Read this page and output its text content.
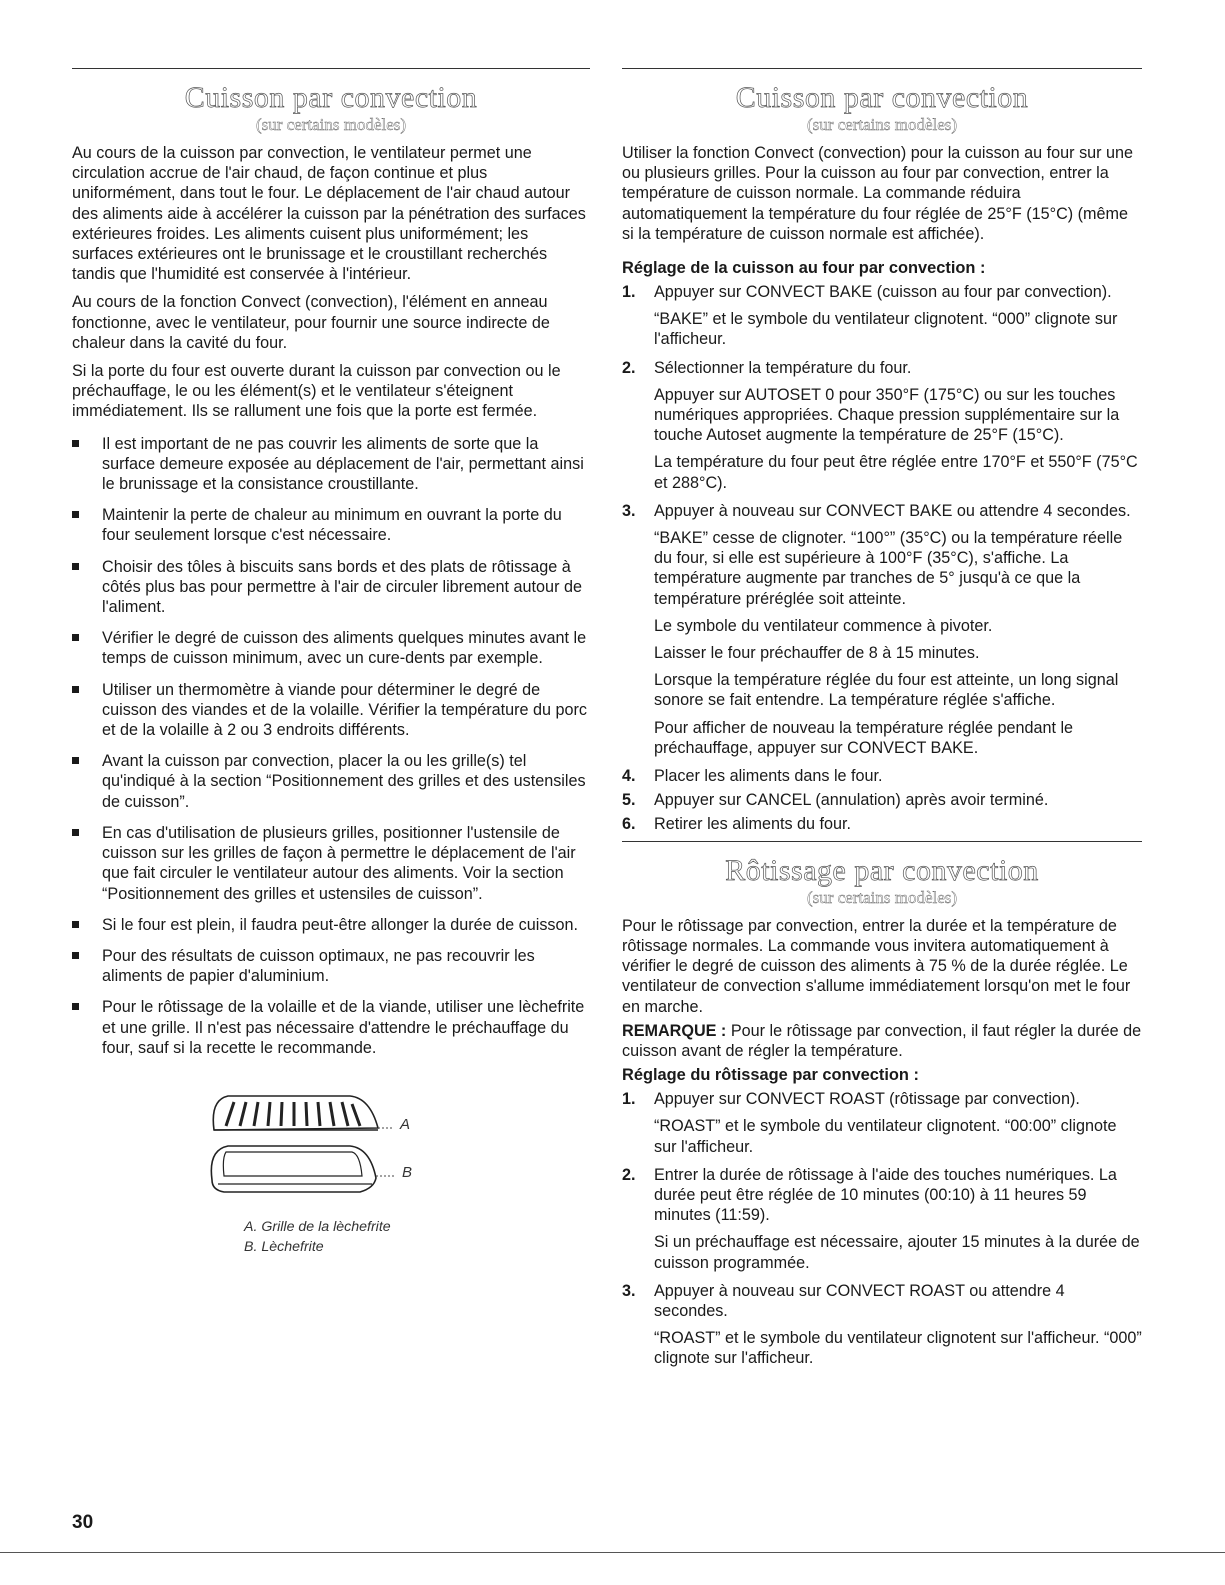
Cuisson par convection
(sur certains modèles)

Au cours de la cuisson par convection, le ventilateur permet une circulation accrue de l'air chaud, de façon continue et plus uniformément, dans tout le four. Le déplacement de l'air chaud autour des aliments aide à accélérer la cuisson par la pénétration des surfaces extérieures froides. Les aliments cuisent plus uniformément; les surfaces extérieures ont le brunissage et le croustillant recherchés tandis que l'humidité est conservée à l'intérieur.

Au cours de la fonction Convect (convection), l'élément en anneau fonctionne, avec le ventilateur, pour fournir une source indirecte de chaleur dans la cavité du four.

Si la porte du four est ouverte durant la cuisson par convection ou le préchauffage, le ou les élément(s) et le ventilateur s'éteignent immédiatement. Ils se rallument une fois que la porte est fermée.

Il est important de ne pas couvrir les aliments de sorte que la surface demeure exposée au déplacement de l'air, permettant ainsi le brunissage et la consistance croustillante.
Maintenir la perte de chaleur au minimum en ouvrant la porte du four seulement lorsque c'est nécessaire.
Choisir des tôles à biscuits sans bords et des plats de rôtissage à côtés plus bas pour permettre à l'air de circuler librement autour de l'aliment.
Vérifier le degré de cuisson des aliments quelques minutes avant le temps de cuisson minimum, avec un cure-dents par exemple.
Utiliser un thermomètre à viande pour déterminer le degré de cuisson des viandes et de la volaille. Vérifier la température du porc et de la volaille à 2 ou 3 endroits différents.
Avant la cuisson par convection, placer la ou les grille(s) tel qu'indiqué à la section “Positionnement des grilles et des ustensiles de cuisson”.
En cas d'utilisation de plusieurs grilles, positionner l'ustensile de cuisson sur les grilles de façon à permettre le déplacement de l'air que fait circuler le ventilateur autour des aliments. Voir la section “Positionnement des grilles et ustensiles de cuisson”.
Si le four est plein, il faudra peut-être allonger la durée de cuisson.
Pour des résultats de cuisson optimaux, ne pas recouvrir les aliments de papier d'aluminium.
Pour le rôtissage de la volaille et de la viande, utiliser une lèchefrite et une grille. Il n'est pas nécessaire d'attendre le préchauffage du four, sauf si la recette le recommande.
A
B
A. Grille de la lèchefrite
B. Lèchefrite
Cuisson par convection
(sur certains modèles)

Utiliser la fonction Convect (convection) pour la cuisson au four sur une ou plusieurs grilles. Pour la cuisson au four par convection, entrer la température de cuisson normale. La commande réduira automatiquement la température du four réglée de 25°F (15°C) (même si la température de cuisson normale est affichée).

Réglage de la cuisson au four par convection :
1. Appuyer sur CONVECT BAKE (cuisson au four par convection).
“BAKE” et le symbole du ventilateur clignotent. “000” clignote sur l'afficheur.
2. Sélectionner la température du four.
Appuyer sur AUTOSET 0 pour 350°F (175°C) ou sur les touches numériques appropriées. Chaque pression supplémentaire sur la touche Autoset augmente la température de 25°F (15°C).
La température du four peut être réglée entre 170°F et 550°F (75°C et 288°C).
3. Appuyer à nouveau sur CONVECT BAKE ou attendre 4 secondes.
“BAKE” cesse de clignoter. “100°” (35°C) ou la température réelle du four, si elle est supérieure à 100°F (35°C), s'affiche. La température augmente par tranches de 5° jusqu'à ce que la température préréglée soit atteinte.
Le symbole du ventilateur commence à pivoter.
Laisser le four préchauffer de 8 à 15 minutes.
Lorsque la température réglée du four est atteinte, un long signal sonore se fait entendre. La température réglée s'affiche.
Pour afficher de nouveau la température réglée pendant le préchauffage, appuyer sur CONVECT BAKE.
4. Placer les aliments dans le four.
5. Appuyer sur CANCEL (annulation) après avoir terminé.
6. Retirer les aliments du four.
Rôtissage par convection
(sur certains modèles)

Pour le rôtissage par convection, entrer la durée et la température de rôtissage normales. La commande vous invitera automatiquement à vérifier le degré de cuisson des aliments à 75 % de la durée réglée. Le ventilateur de convection s'allume immédiatement lorsqu'on met le four en marche.

REMARQUE : Pour le rôtissage par convection, il faut régler la durée de cuisson avant de régler la température.

Réglage du rôtissage par convection :
1. Appuyer sur CONVECT ROAST (rôtissage par convection).
“ROAST” et le symbole du ventilateur clignotent. “00:00” clignote sur l'afficheur.
2. Entrer la durée de rôtissage à l'aide des touches numériques. La durée peut être réglée de 10 minutes (00:10) à 11 heures 59 minutes (11:59).
Si un préchauffage est nécessaire, ajouter 15 minutes à la durée de cuisson programmée.
3. Appuyer à nouveau sur CONVECT ROAST ou attendre 4 secondes.
“ROAST” et le symbole du ventilateur clignotent sur l'afficheur. “000” clignote sur l'afficheur.
30
